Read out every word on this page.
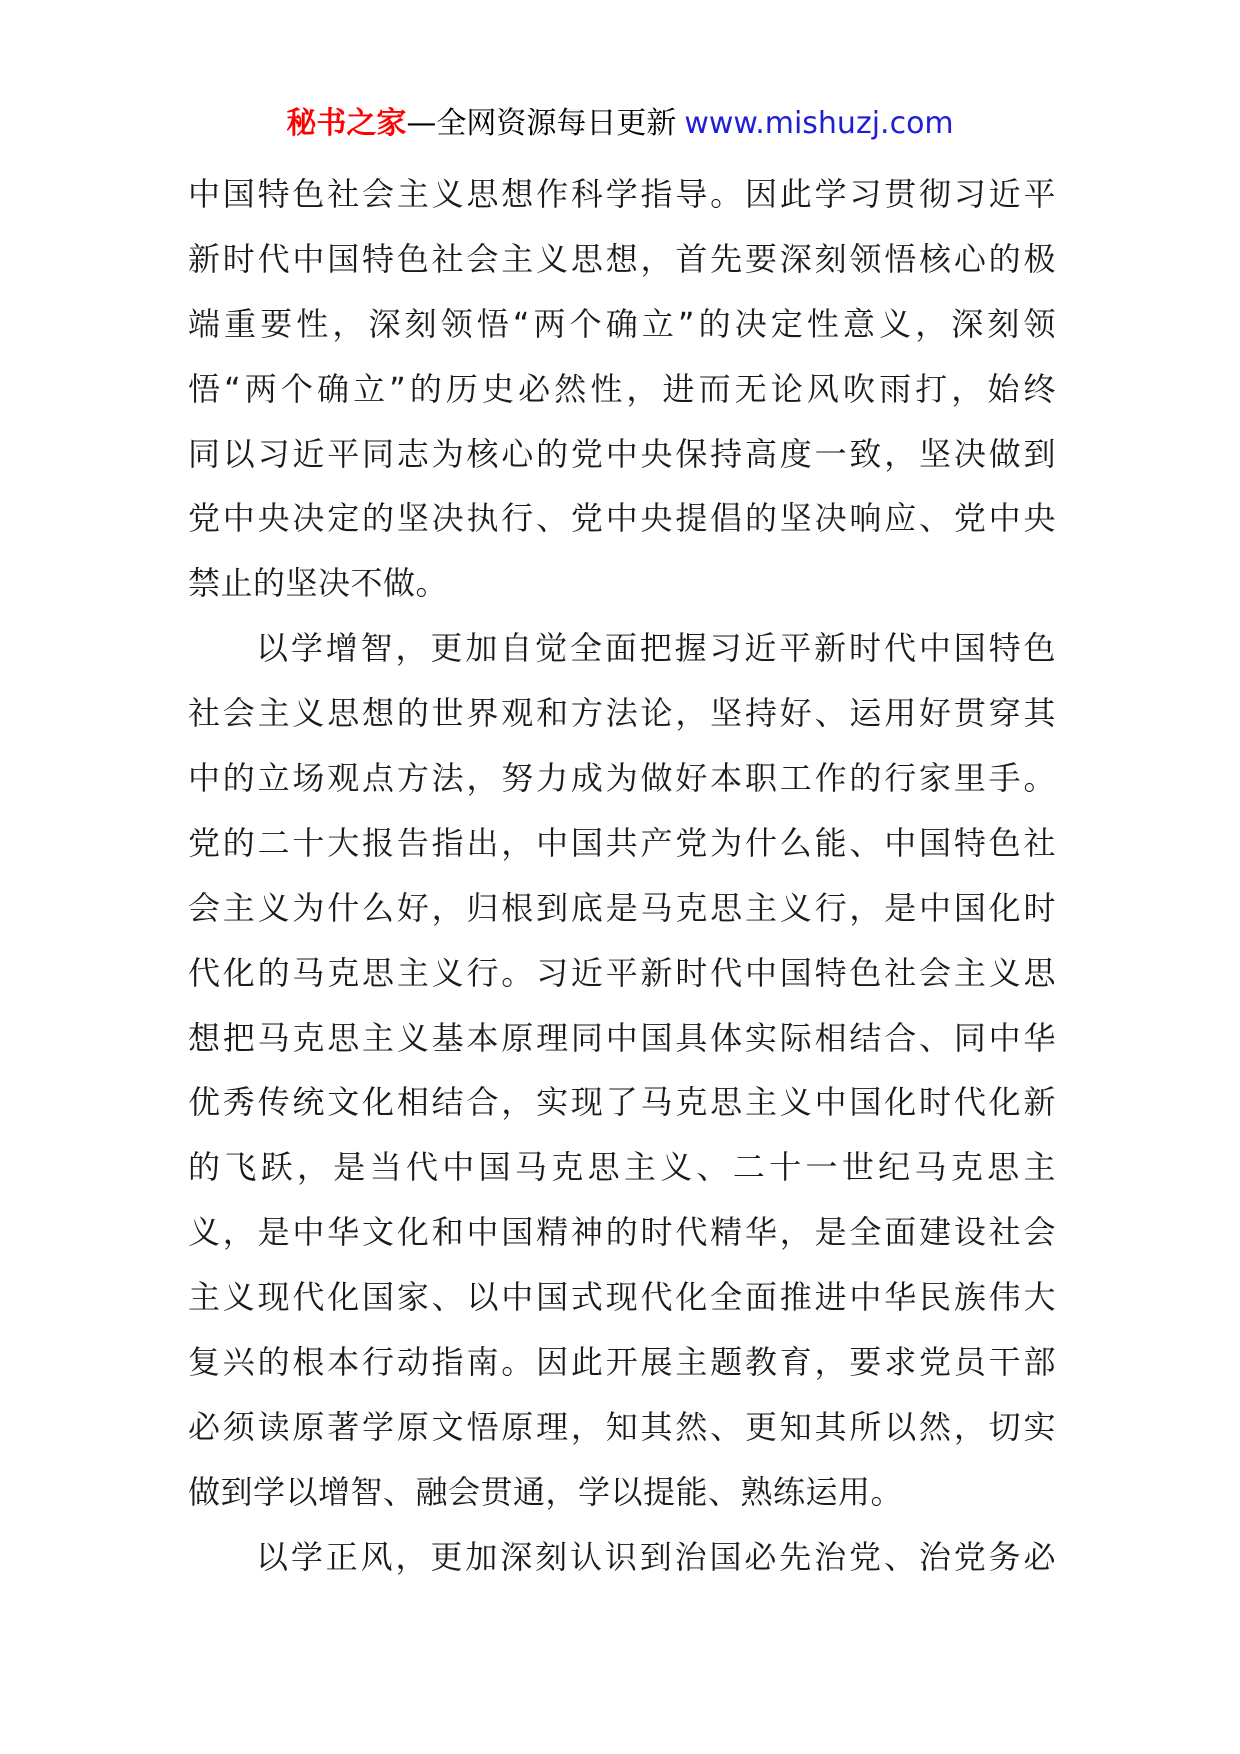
秘书之家—全网资源每日更新 www.mishuzj.com
中国特色社会主义思想作科学指导。因此学习贯彻习近平
新时代中国特色社会主义思想，首先要深刻领悟核心的极
端重要性，深刻领悟“两个确立”的决定性意义，深刻领
悟“两个确立”的历史必然性，进而无论风吹雨打，始终
同以习近平同志为核心的党中央保持高度一致，坚决做到
党中央决定的坚决执行、党中央提倡的坚决响应、党中央
禁止的坚决不做。
以学增智，更加自觉全面把握习近平新时代中国特色
社会主义思想的世界观和方法论，坚持好、运用好贯穿其
中的立场观点方法，努力成为做好本职工作的行家里手。
党的二十大报告指出，中国共产党为什么能、中国特色社
会主义为什么好，归根到底是马克思主义行，是中国化时
代化的马克思主义行。习近平新时代中国特色社会主义思
想把马克思主义基本原理同中国具体实际相结合、同中华
优秀传统文化相结合，实现了马克思主义中国化时代化新
的飞跃，是当代中国马克思主义、二十一世纪马克思主
义，是中华文化和中国精神的时代精华，是全面建设社会
主义现代化国家、以中国式现代化全面推进中华民族伟大
复兴的根本行动指南。因此开展主题教育，要求党员干部
必须读原著学原文悟原理，知其然、更知其所以然，切实
做到学以增智、融会贯通，学以提能、熟练运用。
以学正风，更加深刻认识到治国必先治党、治党务必
